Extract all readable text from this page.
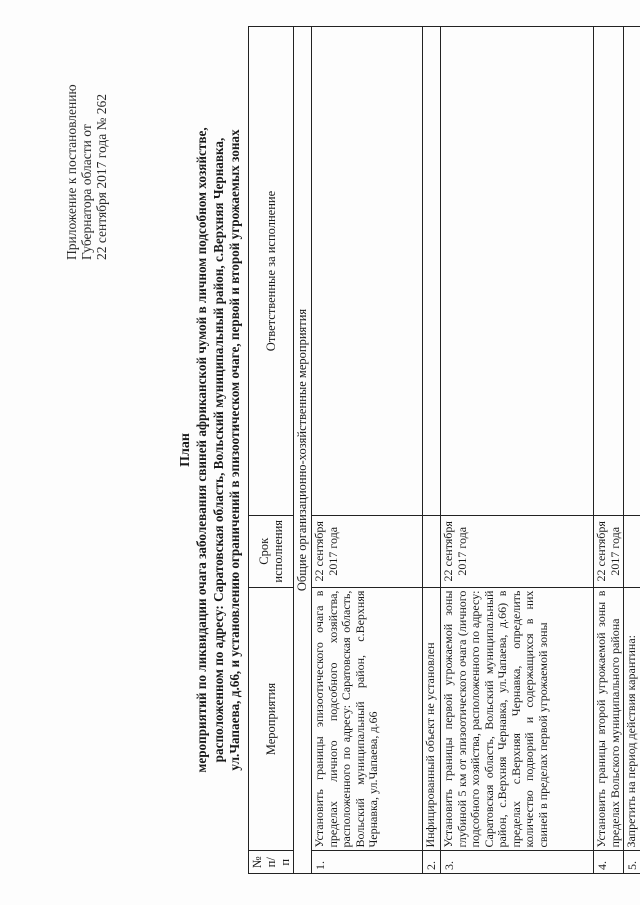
Приложение к постановлению Губернатора области от 22 сентября 2017 года № 262
План мероприятий по ликвидации очага заболевания свиней африканской чумой в личном подсобном хозяйстве, расположенном по адресу: Саратовская область, Вольский муниципальный район, с.Верхняя Чернавка, ул.Чапаева, д.66, и установлению ограничений в эпизоотическом очаге, первой и второй угрожаемых зонах
№ п/п	Мероприятия	Срок исполнения	Ответственные за исполнение
Общие организационно-хозяйственные мероприятия			
1.	Установить границы эпизоотического очага в пределах личного подсобного хозяйства, расположенного по адресу: Саратовская область, Вольский муниципальный район, с.Верхняя Чернавка, ул.Чапаева, д.66	22 сентября 2017 года	
2.	Инфицированный объект не установлен		
3.	Установить границы первой угрожаемой зоны глубиной 5 км от эпизоотического очага (личного подсобного хозяйства, расположенного по адресу: Саратовская область, Вольский муниципальный район, с.Верхняя Чернавка, ул.Чапаева, д.66) в пределах с.Верхняя Чернавка, определить количество подворий и содержащихся в них свиней в пределах первой угрожаемой зоны	22 сентября 2017 года	
4.	Установить границы второй угрожаемой зоны в пределах Вольского муниципального района	22 сентября 2017 года	
5.	Запретить на период действия карантина:		
